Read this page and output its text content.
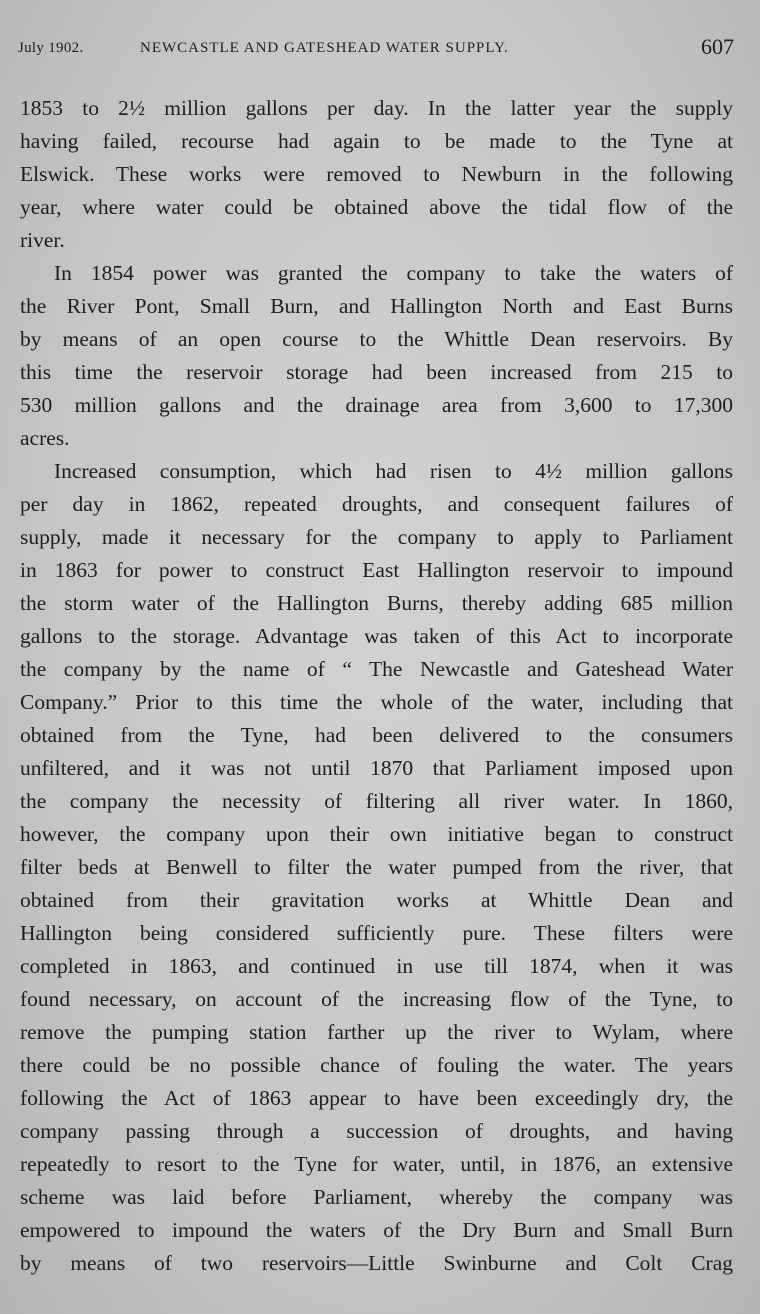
July 1902.	NEWCASTLE AND GATESHEAD WATER SUPPLY.	607
1853 to 2½ million gallons per day. In the latter year the supply
having failed, recourse had again to be made to the Tyne at
Elswick. These works were removed to Newburn in the following
year, where water could be obtained above the tidal flow of the
river.
In 1854 power was granted the company to take the waters of
the River Pont, Small Burn, and Hallington North and East Burns
by means of an open course to the Whittle Dean reservoirs. By
this time the reservoir storage had been increased from 215 to
530 million gallons and the drainage area from 3,600 to 17,300
acres.
Increased consumption, which had risen to 4½ million gallons
per day in 1862, repeated droughts, and consequent failures of
supply, made it necessary for the company to apply to Parliament
in 1863 for power to construct East Hallington reservoir to impound
the storm water of the Hallington Burns, thereby adding 685 million
gallons to the storage. Advantage was taken of this Act to incorporate
the company by the name of “ The Newcastle and Gateshead Water
Company.” Prior to this time the whole of the water, including that
obtained from the Tyne, had been delivered to the consumers
unfiltered, and it was not until 1870 that Parliament imposed upon
the company the necessity of filtering all river water. In 1860,
however, the company upon their own initiative began to construct
filter beds at Benwell to filter the water pumped from the river, that
obtained from their gravitation works at Whittle Dean and
Hallington being considered sufficiently pure. These filters were
completed in 1863, and continued in use till 1874, when it was
found necessary, on account of the increasing flow of the Tyne, to
remove the pumping station farther up the river to Wylam, where
there could be no possible chance of fouling the water. The years
following the Act of 1863 appear to have been exceedingly dry, the
company passing through a succession of droughts, and having
repeatedly to resort to the Tyne for water, until, in 1876, an extensive
scheme was laid before Parliament, whereby the company was
empowered to impound the waters of the Dry Burn and Small Burn
by means of two reservoirs—Little Swinburne and Colt Crag
